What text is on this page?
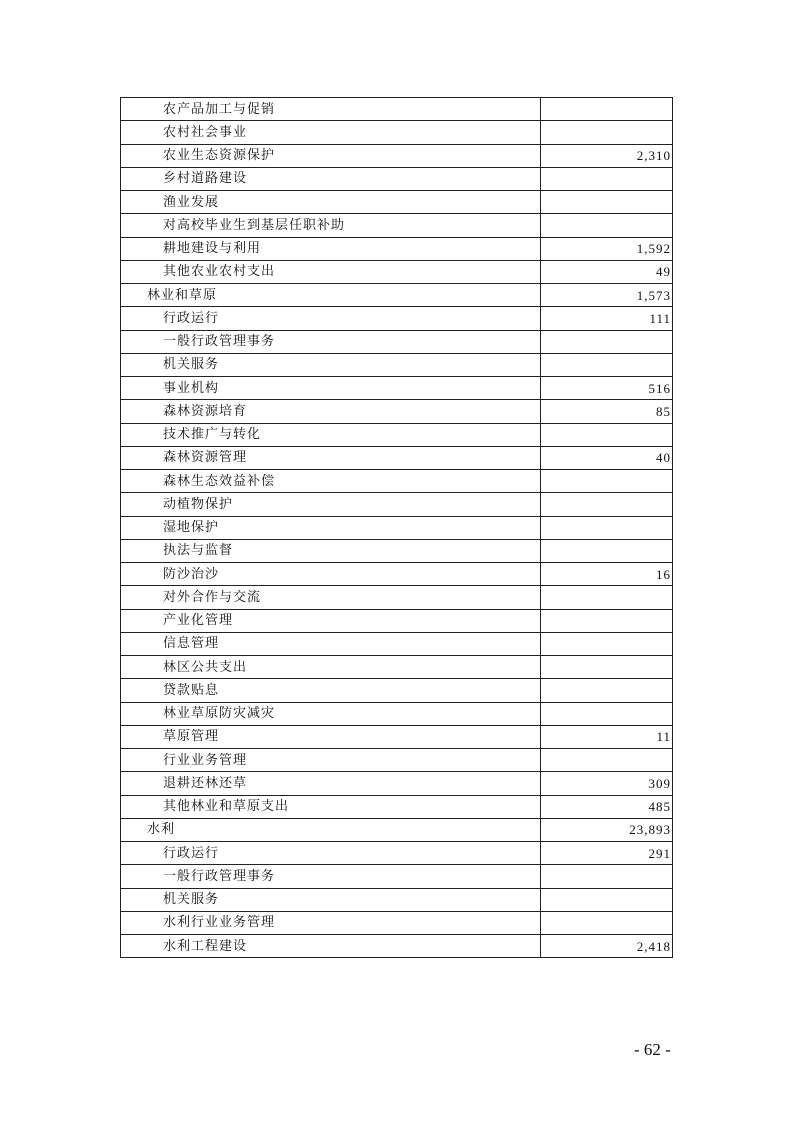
农产品加工与促销	
农村社会事业	
农业生态资源保护	2,310
乡村道路建设	
渔业发展	
对高校毕业生到基层任职补助	
耕地建设与利用	1,592
其他农业农村支出	49
林业和草原	1,573
行政运行	111
一般行政管理事务	
机关服务	
事业机构	516
森林资源培育	85
技术推广与转化	
森林资源管理	40
森林生态效益补偿	
动植物保护	
湿地保护	
执法与监督	
防沙治沙	16
对外合作与交流	
产业化管理	
信息管理	
林区公共支出	
贷款贴息	
林业草原防灾减灾	
草原管理	11
行业业务管理	
退耕还林还草	309
其他林业和草原支出	485
水利	23,893
行政运行	291
一般行政管理事务	
机关服务	
水利行业业务管理	
水利工程建设	2,418
- 62 -
